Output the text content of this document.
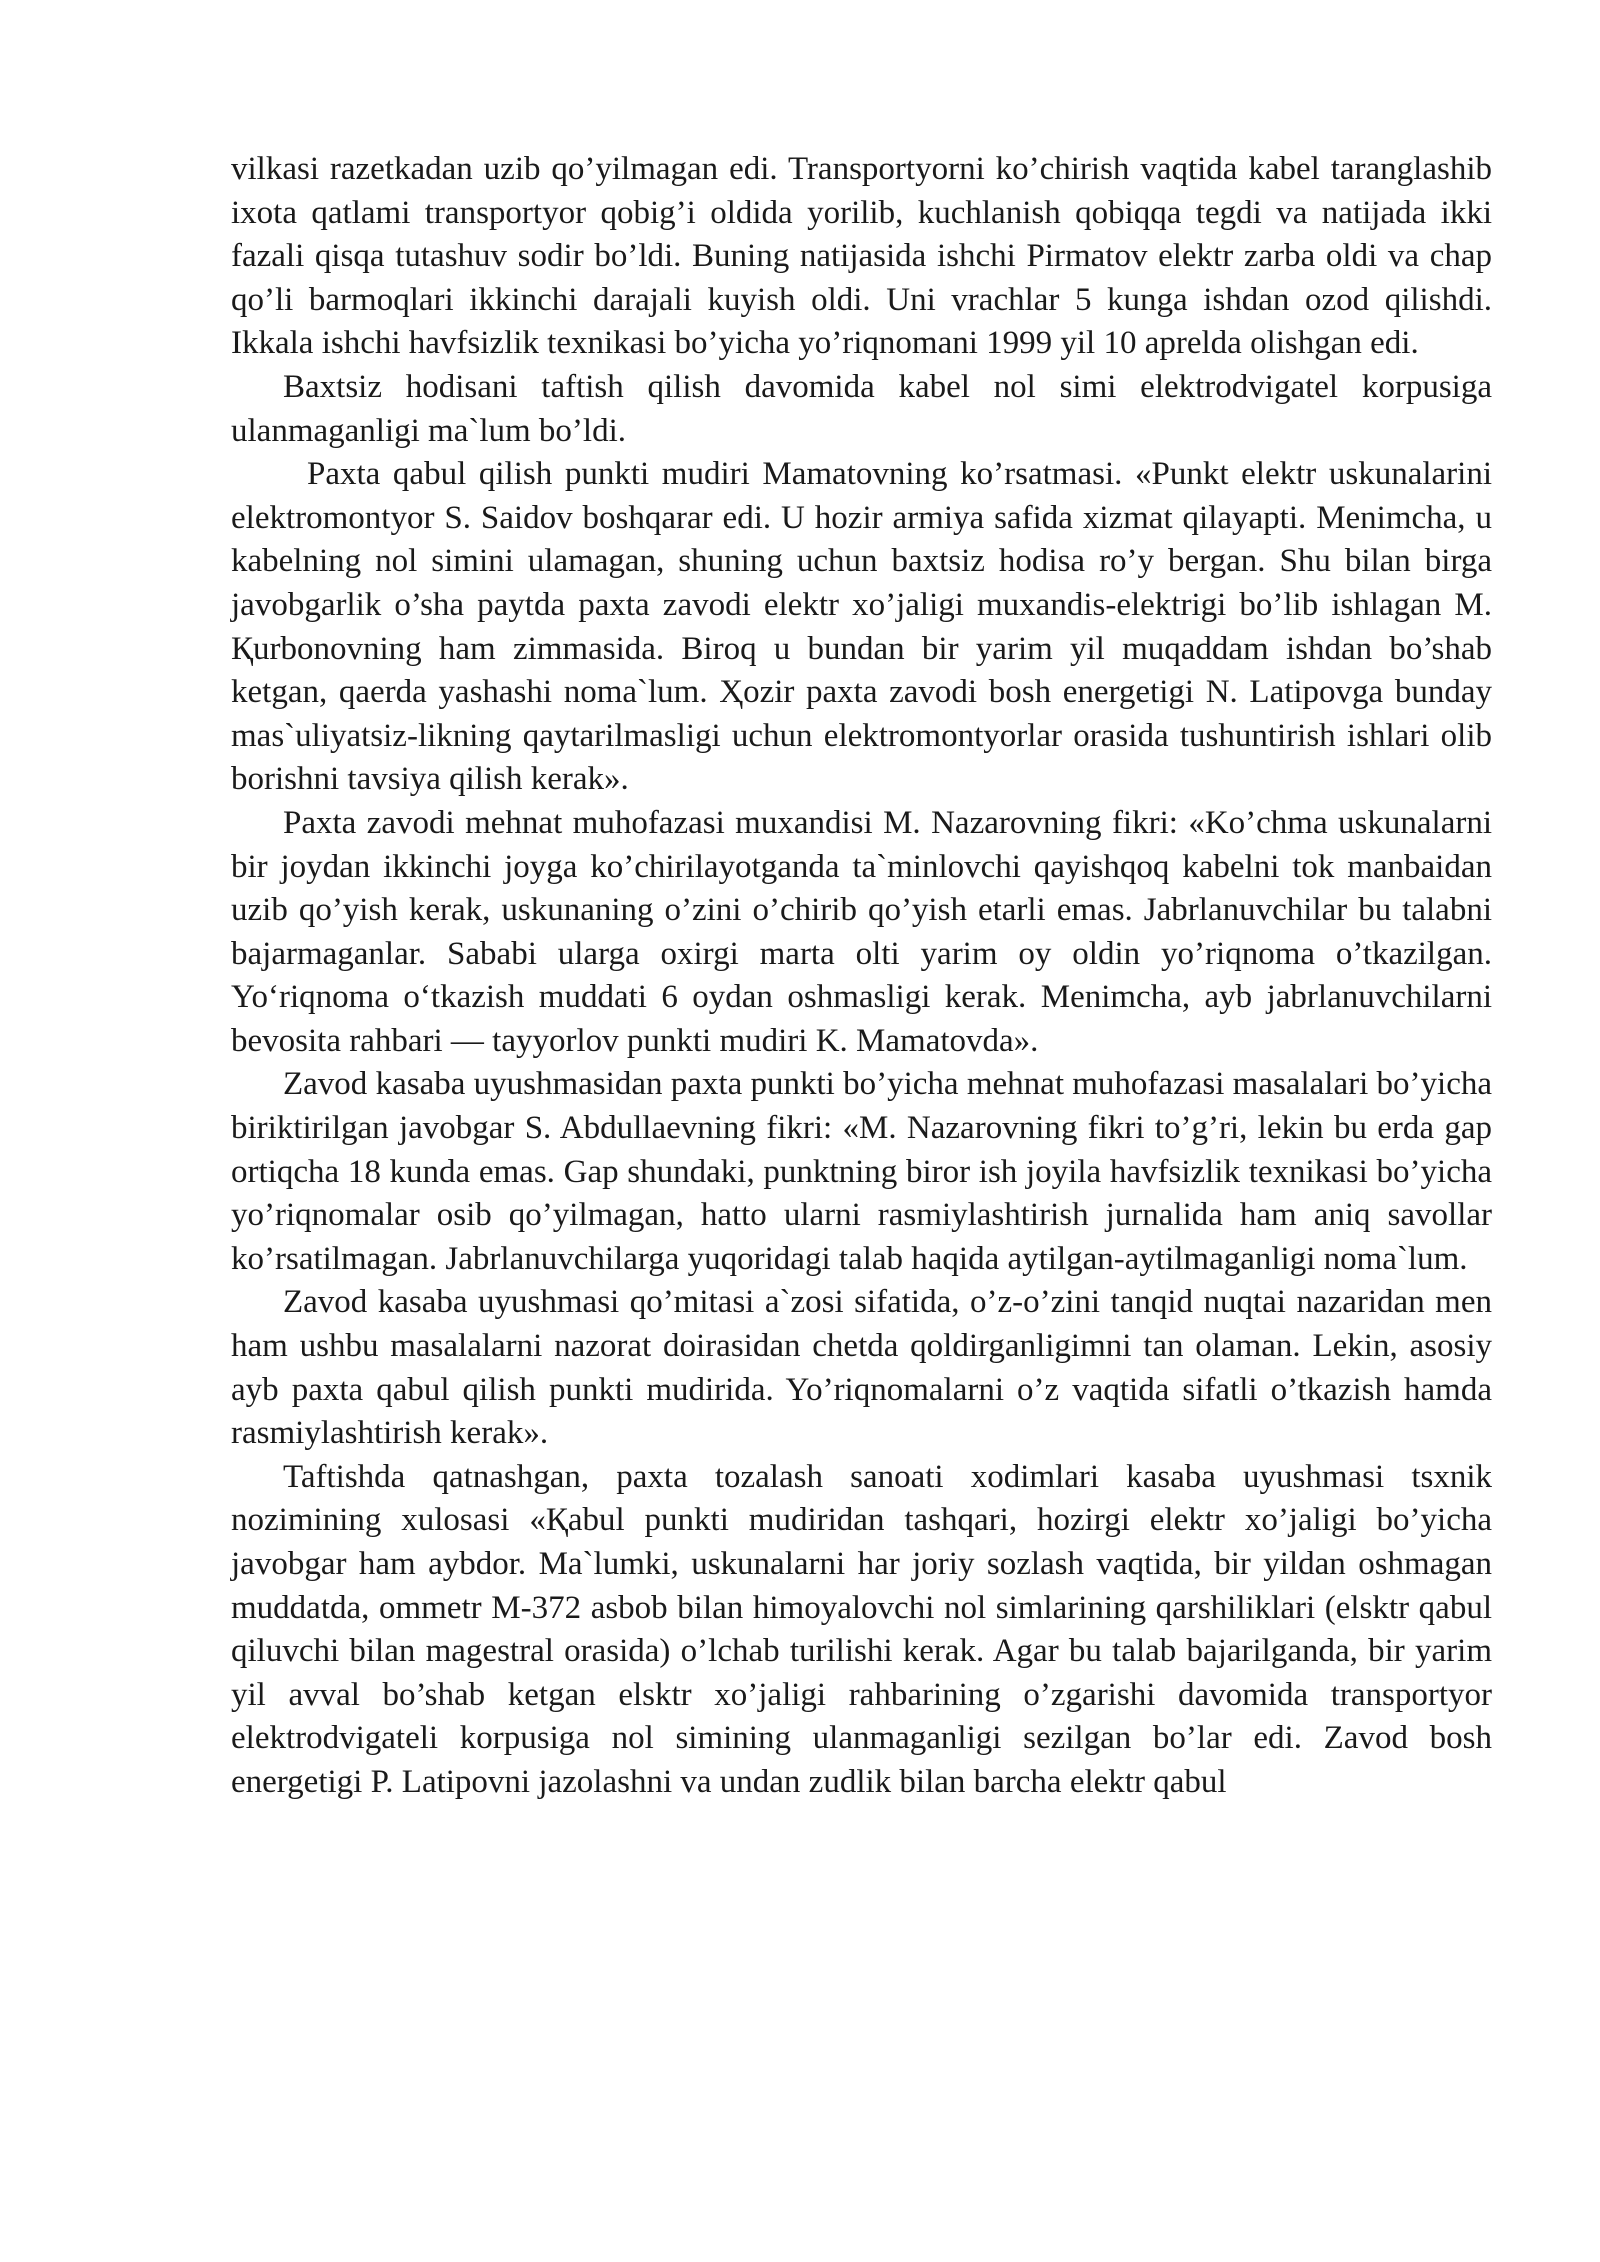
vilkasi razetkadan uzib qo’yilmagan edi. Transportyorni ko’chirish vaqtida kabel taranglashib ixota qatlami transportyor qobig’i oldida yorilib, kuchlanish qobiqqa tegdi va natijada ikki fazali qisqa tutashuv sodir bo’ldi. Buning natijasida ishchi Pirmatov elektr zarba oldi va chap qo’li barmoqlari ikkinchi darajali kuyish oldi. Uni vrachlar 5 kunga ishdan ozod qilishdi. Ikkala ishchi havfsizlik texnikasi bo’yicha yo’riqnomani 1999 yil 10 aprelda olishgan edi.

Baxtsiz hodisani taftish qilish davomida kabel nol simi elektrodvigatel korpusiga ulanmaganligi ma`lum bo’ldi.

Paxta qabul qilish punkti mudiri Mamatovning ko’rsatmasi. «Punkt elektr uskunalarini elektromontyor S. Saidov boshqarar edi. U hozir armiya safida xizmat qilayapti. Menimcha, u kabelning nol simini ulamagan, shuning uchun baxtsiz hodisa ro’y bergan. Shu bilan birga javobgarlik o’sha paytda paxta zavodi elektr xo’jaligi muxandis-elektrigi bo’lib ishlagan M. Қurbonovning ham zimmasida. Biroq u bundan bir yarim yil muqaddam ishdan bo’shab ketgan, qaerda yashashi noma`lum. Ҳozir paxta zavodi bosh energetigi N. Latipovga bunday mas`uliyatsiz-likning qaytarilmasligi uchun elektromontyorlar orasida tushuntirish ishlari olib borishni tavsiya qilish kerak».

Paxta zavodi mehnat muhofazasi muxandisi M. Nazarovning fikri: «Ko’chma uskunalarni bir joydan ikkinchi joyga ko’chirilayotganda ta`minlovchi qayishqoq kabelni tok manbaidan uzib qo’yish kerak, uskunaning o’zini o’chirib qo’yish etarli emas. Jabrlanuvchilar bu talabni bajarmaganlar. Sababi ularga oxirgi marta olti yarim oy oldin yo’riqnoma o’tkazilgan. Yo‘riqnoma o‘tkazish muddati 6 oydan oshmasligi kerak. Menimcha, ayb jabrlanuvchilarni bevosita rahbari — tayyorlov punkti mudiri K. Mamatovda».

Zavod kasaba uyushmasidan paxta punkti bo’yicha mehnat muhofazasi masalalari bo’yicha biriktirilgan javobgar S. Abdullaevning fikri: «M. Nazarovning fikri to’g’ri, lekin bu erda gap ortiqcha 18 kunda emas. Gap shundaki, punktning biror ish joyila havfsizlik texnikasi bo’yicha yo’riqnomalar osib qo’yilmagan, hatto ularni rasmiylashtirish jurnalida ham aniq savollar ko’rsatilmagan. Jabrlanuvchilarga yuqoridagi talab haqida aytilgan-aytilmaganligi noma`lum.

Zavod kasaba uyushmasi qo’mitasi a`zosi sifatida, o’z-o’zini tanqid nuqtai nazaridan men ham ushbu masalalarni nazorat doirasidan chetda qoldirganligimni tan olaman. Lekin, asosiy ayb paxta qabul qilish punkti mudirida. Yo’riqnomalarni o’z vaqtida sifatli o’tkazish hamda rasmiylashtirish kerak».

Taftishda qatnashgan, paxta tozalash sanoati xodimlari kasaba uyushmasi tsxnik nozimining xulosasi «Қabul punkti mudiridan tashqari, hozirgi elektr xo’jaligi bo’yicha javobgar ham aybdor. Ma`lumki, uskunalarni har joriy sozlash vaqtida, bir yildan oshmagan muddatda, ommetr M-372 asbob bilan himoyalovchi nol simlarining qarshiliklari (elsktr qabul qiluvchi bilan magestral orasida) o’lchab turilishi kerak. Agar bu talab bajarilganda, bir yarim yil avval bo’shab ketgan elsktr xo’jaligi rahbarining o’zgarishi davomida transportyor elektrodvigateli korpusiga nol simining ulanmaganligi sezilgan bo’lar edi. Zavod bosh energetigi P. Latipovni jazolashni va undan zudlik bilan barcha elektr qabul
